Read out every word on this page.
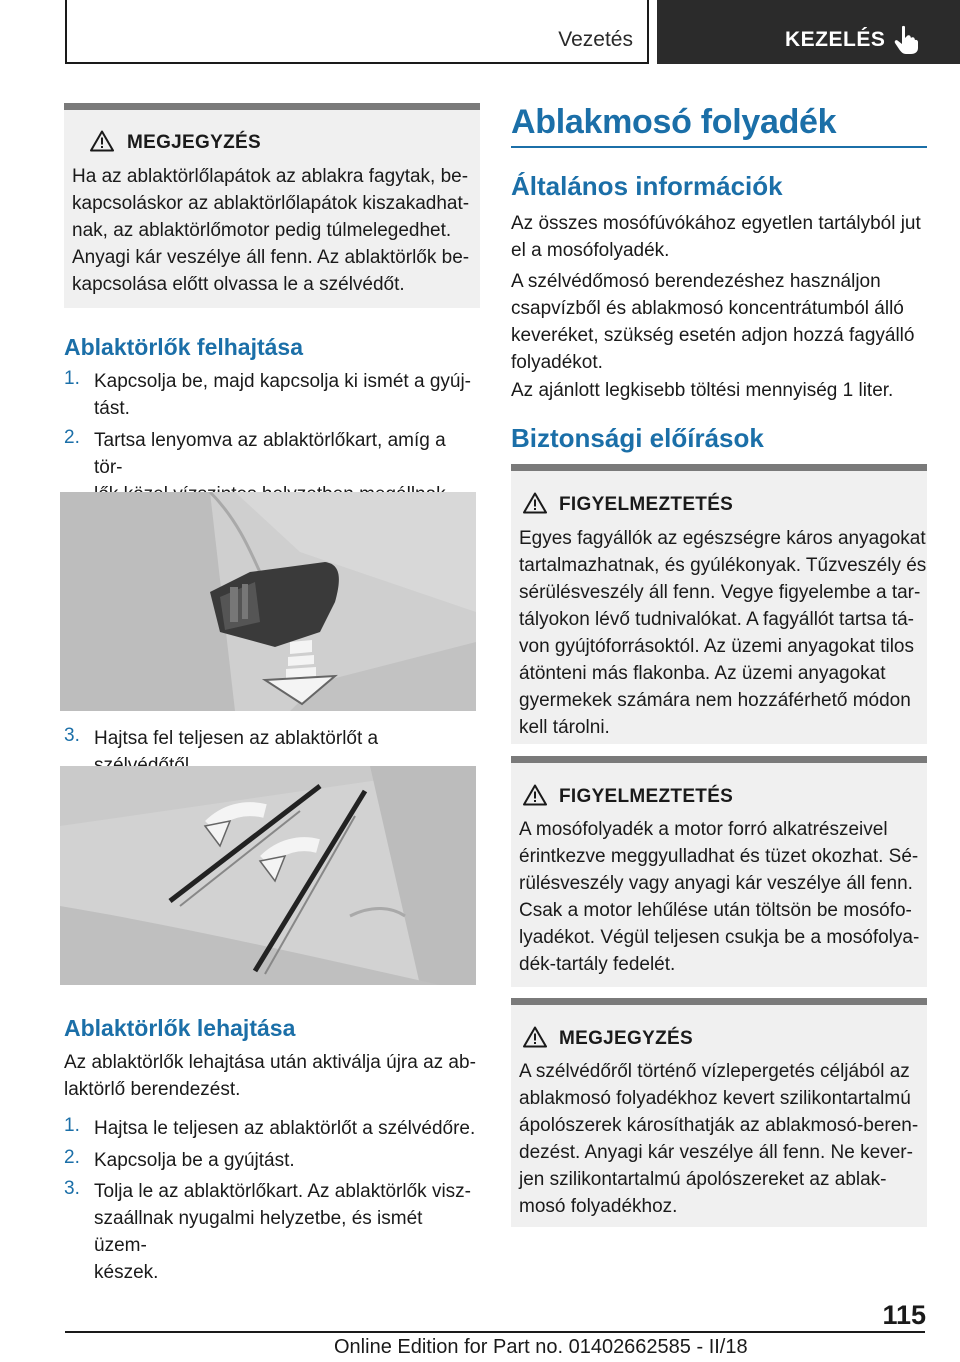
Vezetés	KEZELÉS
MEGJEGYZÉS
Ha az ablaktörlőlapátok az ablakra fagytak, be-
kapcsoláskor az ablaktörlőlapátok kiszakadhat-
nak, az ablaktörlőmotor pedig túlmelegedhet.
Anyagi kár veszélye áll fenn. Az ablaktörlők be-
kapcsolása előtt olvassa le a szélvédőt.
Ablaktörlők felhajtása
1. Kapcsolja be, majd kapcsolja ki ismét a gyúj-
tást.
2. Tartsa lenyomva az ablaktörlőkart, amíg a tör-
3. Hajtsa fel teljesen az ablaktörlőt a
Ablaktörlők lehajtása
Az ablaktörlők lehajtása után aktiválja újra az ab-
laktörlő berendezést.
1. Hajtsa le teljesen az ablaktörlőt a szélvédőre.
2. Kapcsolja be a gyújtást.
3. Tolja le az ablaktörlőkart. Az ablaktörlők visz-
szaállnak nyugalmi helyzetbe, és ismét üzem-
készek.
Ablakmosó folyadék
Általános információk
Az összes mosófúvókához egyetlen tartályból jut
el a mosófolyadék.
A szélvédőmosó berendezéshez használjon
csapvízből és ablakmosó koncentrátumból álló
keveréket, szükség esetén adjon hozzá fagyálló
folyadékot.
Az ajánlott legkisebb töltési mennyiség 1 liter.
Biztonsági előírások
FIGYELMEZTETÉS
Egyes fagyállók az egészségre káros anyagokat
tartalmazhatnak, és gyúlékonyak. Tűzveszély és
sérülésveszély áll fenn. Vegye figyelembe a tar-
tályokon lévő tudnivalókat. A fagyállót tartsa tá-
von gyújtóforrásoktól. Az üzemi anyagokat tilos
átönteni más flakonba. Az üzemi anyagokat
gyermekek számára nem hozzáférhető módon
kell tárolni.
FIGYELMEZTETÉS
A mosófolyadék a motor forró alkatrészeivel
érintkezve meggyulladhat és tüzet okozhat. Sé-
rülésveszély vagy anyagi kár veszélye áll fenn.
Csak a motor lehűlése után töltsön be mosófo-
lyadékot. Végül teljesen csukja be a mosófolya-
dék-tartály fedelét.
MEGJEGYZÉS
A szélvédőről történő vízlepergetés céljából az
ablakmosó folyadékhoz kevert szilikontartalmú
ápolószerek károsíthatják az ablakmosó-beren-
dezést. Anyagi kár veszélye áll fenn. Ne kever-
jen szilikontartalmú ápolószereket az ablak-
mosó folyadékhoz.
115
Online Edition for Part no. 01402662585 - II/18
